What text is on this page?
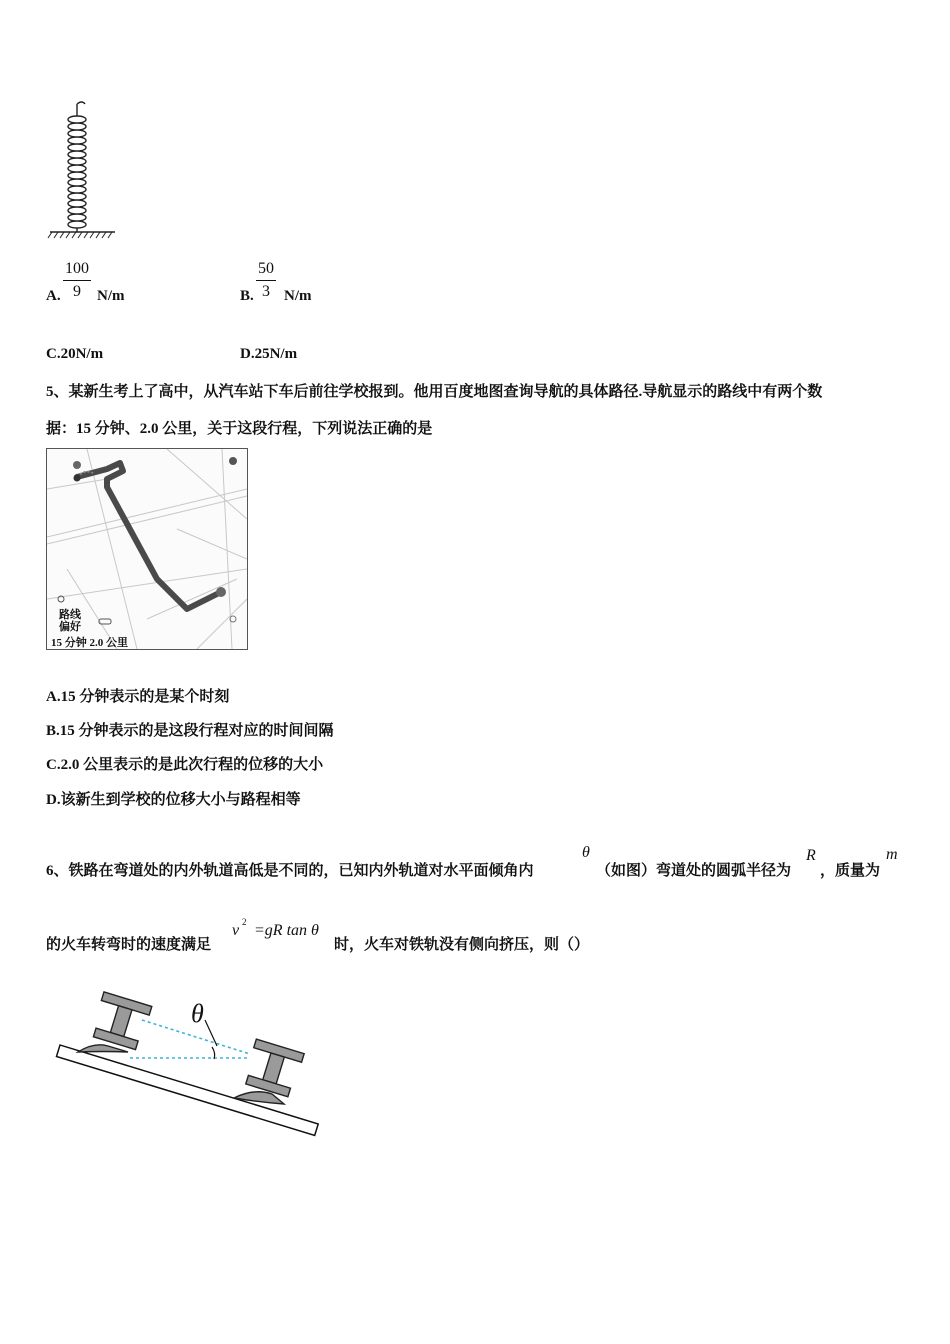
A. $\frac{100}{9} N/m$	B. $\frac{50}{3} N/m$
C.20N/m	D.25N/m
5、某新生考上了高中，从汽车站下车后前往学校报到。他用百度地图查询导航的具体路径.导航显示的路线中有两个数
据：15 分钟、2.0 公里，关于这段行程，下列说法正确的是
路线
偏好
15 分钟 2.0 公里
A.15 分钟表示的是某个时刻
B.15 分钟表示的是这段行程对应的时间间隔
C.2.0 公里表示的是此次行程的位移的大小
D.该新生到学校的位移大小与路程相等
6、铁路在弯道处的内外轨道高低是不同的，已知内外轨道对水平面倾角内
θ
（如图）弯道处的圆弧半径为
R
，质量为
m
的火车转弯时的速度满足
v 2 =gR tan θ
时，火车对铁轨没有侧向挤压，则（）
θ
